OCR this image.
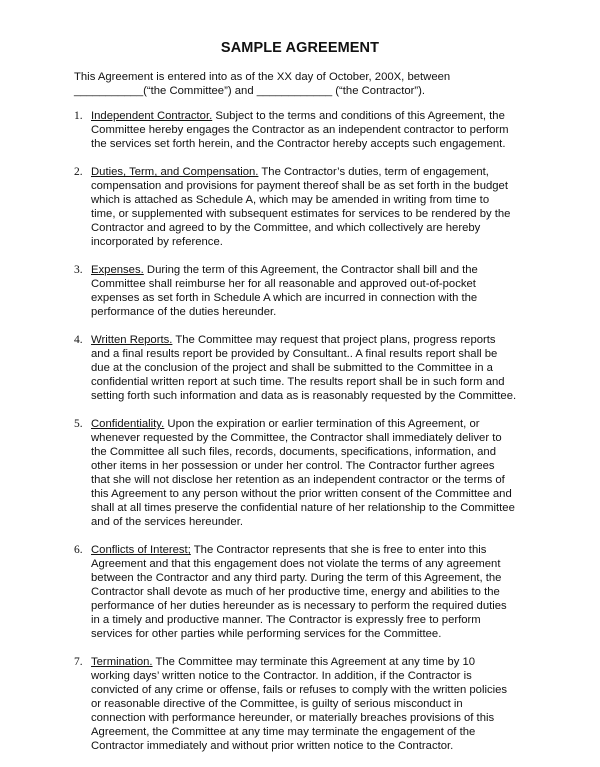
SAMPLE AGREEMENT
This Agreement is entered into as of the XX day of October, 200X, between
___________(“the Committee”) and ____________ (“the Contractor”).
1. Independent Contractor. Subject to the terms and conditions of this Agreement, the
Committee hereby engages the Contractor as an independent contractor to perform
the services set forth herein, and the Contractor hereby accepts such engagement.
2. Duties, Term, and Compensation. The Contractor’s duties, term of engagement,
compensation and provisions for payment thereof shall be as set forth in the budget
which is attached as Schedule A, which may be amended in writing from time to
time, or supplemented with subsequent estimates for services to be rendered by the
Contractor and agreed to by the Committee, and which collectively are hereby
incorporated by reference.
3. Expenses. During the term of this Agreement, the Contractor shall bill and the
Committee shall reimburse her for all reasonable and approved out-of-pocket
expenses as set forth in Schedule A which are incurred in connection with the
performance of the duties hereunder.
4. Written Reports. The Committee may request that project plans, progress reports
and a final results report be provided by Consultant.. A final results report shall be
due at the conclusion of the project and shall be submitted to the Committee in a
confidential written report at such time. The results report shall be in such form and
setting forth such information and data as is reasonably requested by the Committee.
5. Confidentiality. Upon the expiration or earlier termination of this Agreement, or
whenever requested by the Committee, the Contractor shall immediately deliver to
the Committee all such files, records, documents, specifications, information, and
other items in her possession or under her control. The Contractor further agrees
that she will not disclose her retention as an independent contractor or the terms of
this Agreement to any person without the prior written consent of the Committee and
shall at all times preserve the confidential nature of her relationship to the Committee
and of the services hereunder.
6. Conflicts of Interest; The Contractor represents that she is free to enter into this
Agreement and that this engagement does not violate the terms of any agreement
between the Contractor and any third party. During the term of this Agreement, the
Contractor shall devote as much of her productive time, energy and abilities to the
performance of her duties hereunder as is necessary to perform the required duties
in a timely and productive manner. The Contractor is expressly free to perform
services for other parties while performing services for the Committee.
7. Termination. The Committee may terminate this Agreement at any time by 10
working days’ written notice to the Contractor. In addition, if the Contractor is
convicted of any crime or offense, fails or refuses to comply with the written policies
or reasonable directive of the Committee, is guilty of serious misconduct in
connection with performance hereunder, or materially breaches provisions of this
Agreement, the Committee at any time may terminate the engagement of the
Contractor immediately and without prior written notice to the Contractor.
